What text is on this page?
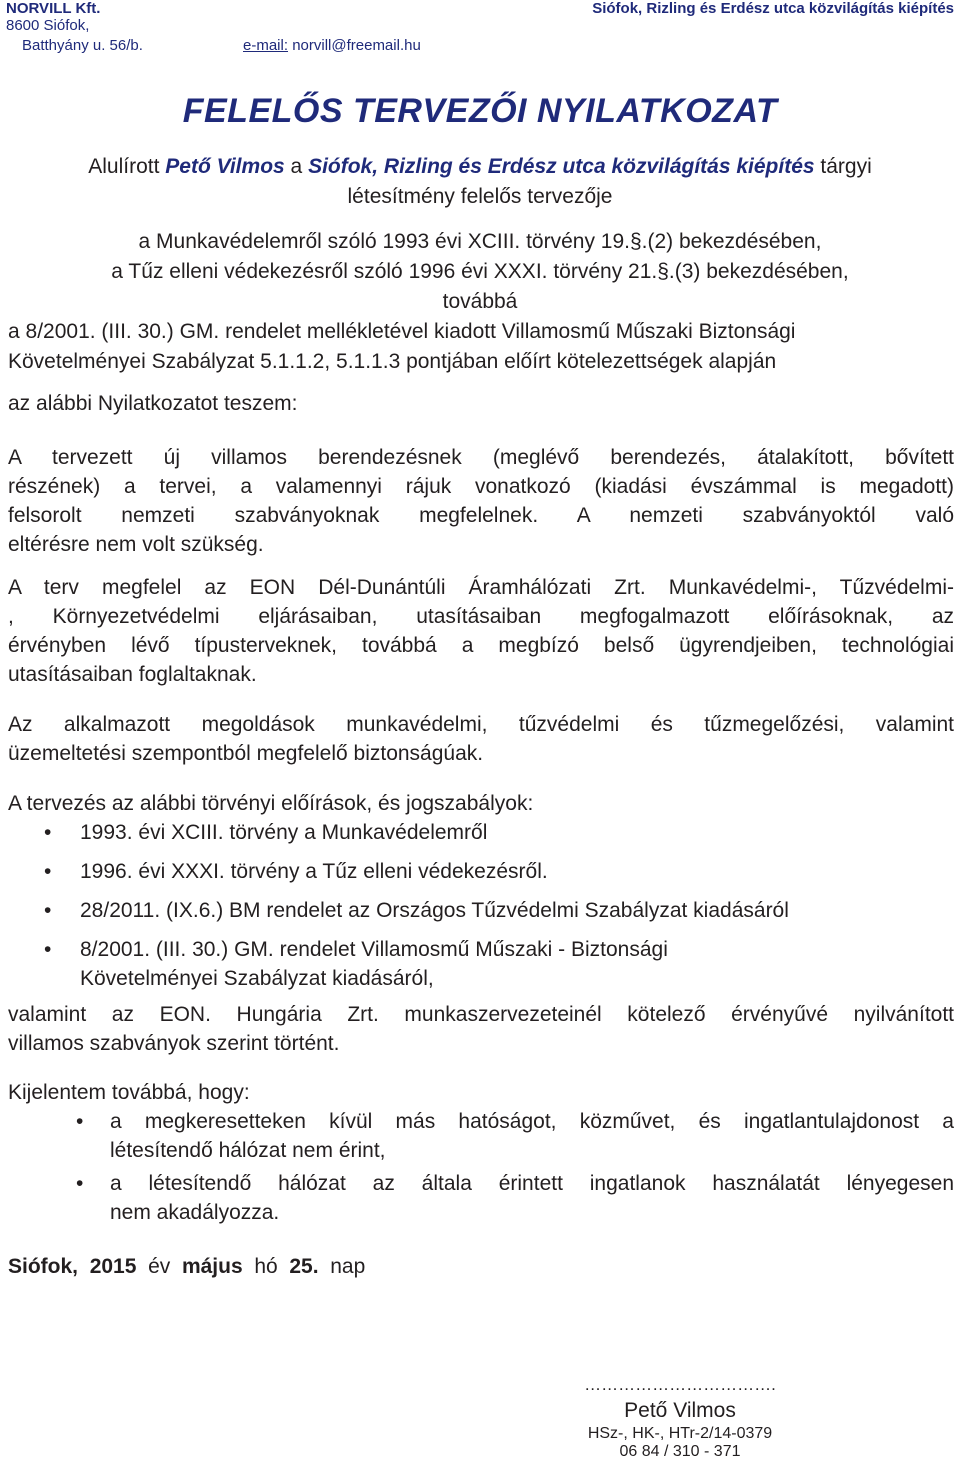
NORVILL Kft.
8600 Siófok,
Batthyány u. 56/b.	e-mail: norvill@freemail.hu
Siófok, Rizling és Erdész utca közvilágítás kiépítés
FELELŐS TERVEZŐI NYILATKOZAT
Alulírott Pető Vilmos a Siófok, Rizling és Erdész utca közvilágítás kiépítés tárgyi
létesítmény felelős tervezője
a Munkavédelemről szóló 1993 évi XCIII. törvény 19.§.(2) bekezdésében,
a Tűz elleni védekezésről szóló 1996 évi XXXI. törvény 21.§.(3) bekezdésében,
továbbá
a 8/2001. (III. 30.) GM. rendelet mellékletével kiadott Villamosmű Műszaki Biztonsági
Követelményei Szabályzat 5.1.1.2, 5.1.1.3 pontjában előírt kötelezettségek alapján
az alábbi Nyilatkozatot teszem:
A tervezett új villamos berendezésnek (meglévő berendezés, átalakított, bővített
részének) a tervei, a valamennyi rájuk vonatkozó (kiadási évszámmal is megadott)
felsorolt nemzeti szabványoknak megfelelnek. A nemzeti szabványoktól való
eltérésre nem volt szükség.
A terv megfelel az EON Dél-Dunántúli Áramhálózati Zrt. Munkavédelmi-, Tűzvédelmi-
, Környezetvédelmi eljárásaiban, utasításaiban megfogalmazott előírásoknak, az
érvényben lévő típusterveknek, továbbá a megbízó belső ügyrendjeiben, technológiai
utasításaiban foglaltaknak.
Az alkalmazott megoldások munkavédelmi, tűzvédelmi és tűzmegelőzési, valamint
üzemeltetési szempontból megfelelő biztonságúak.
A tervezés az alábbi törvényi előírások, és jogszabályok:
• 1993. évi XCIII. törvény a Munkavédelemről
• 1996. évi XXXI. törvény a Tűz elleni védekezésről.
• 28/2011. (IX.6.) BM rendelet az Országos Tűzvédelmi Szabályzat kiadásáról
• 8/2001. (III. 30.) GM. rendelet Villamosmű Műszaki - Biztonsági
Követelményei Szabályzat kiadásáról,
valamint az EON. Hungária Zrt. munkaszervezeteinél kötelező érvényűvé nyilvánított
villamos szabványok szerint történt.
Kijelentem továbbá, hogy:
• a megkeresetteken kívül más hatóságot, közművet, és ingatlantulajdonost a
létesítendő hálózat nem érint,
• a létesítendő hálózat az általa érintett ingatlanok használatát lényegesen
nem akadályozza.
Siófok, 2015 év május hó 25. nap
…………………………….
Pető Vilmos
HSz-, HK-, HTr-2/14-0379
06 84 / 310 - 371
